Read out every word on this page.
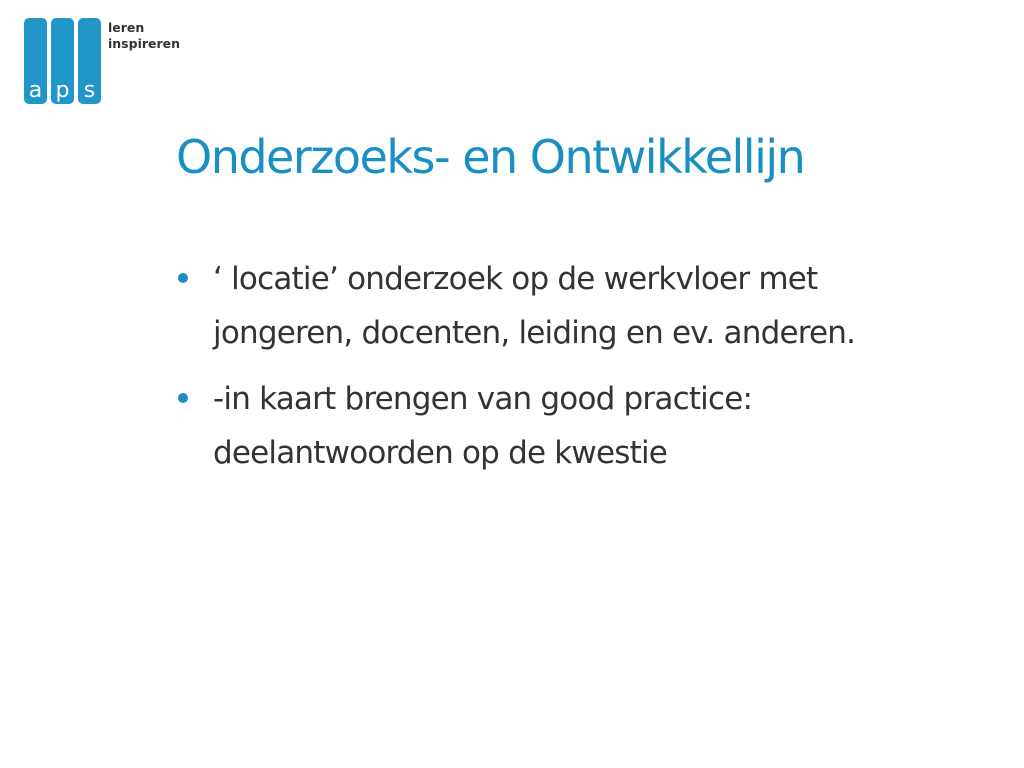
a p s
leren
inspireren
Onderzoeks- en Ontwikkellijn
‘ locatie’ onderzoek op de werkvloer met jongeren, docenten, leiding en ev. anderen.
-in kaart brengen van good practice: deelantwoorden op de kwestie
